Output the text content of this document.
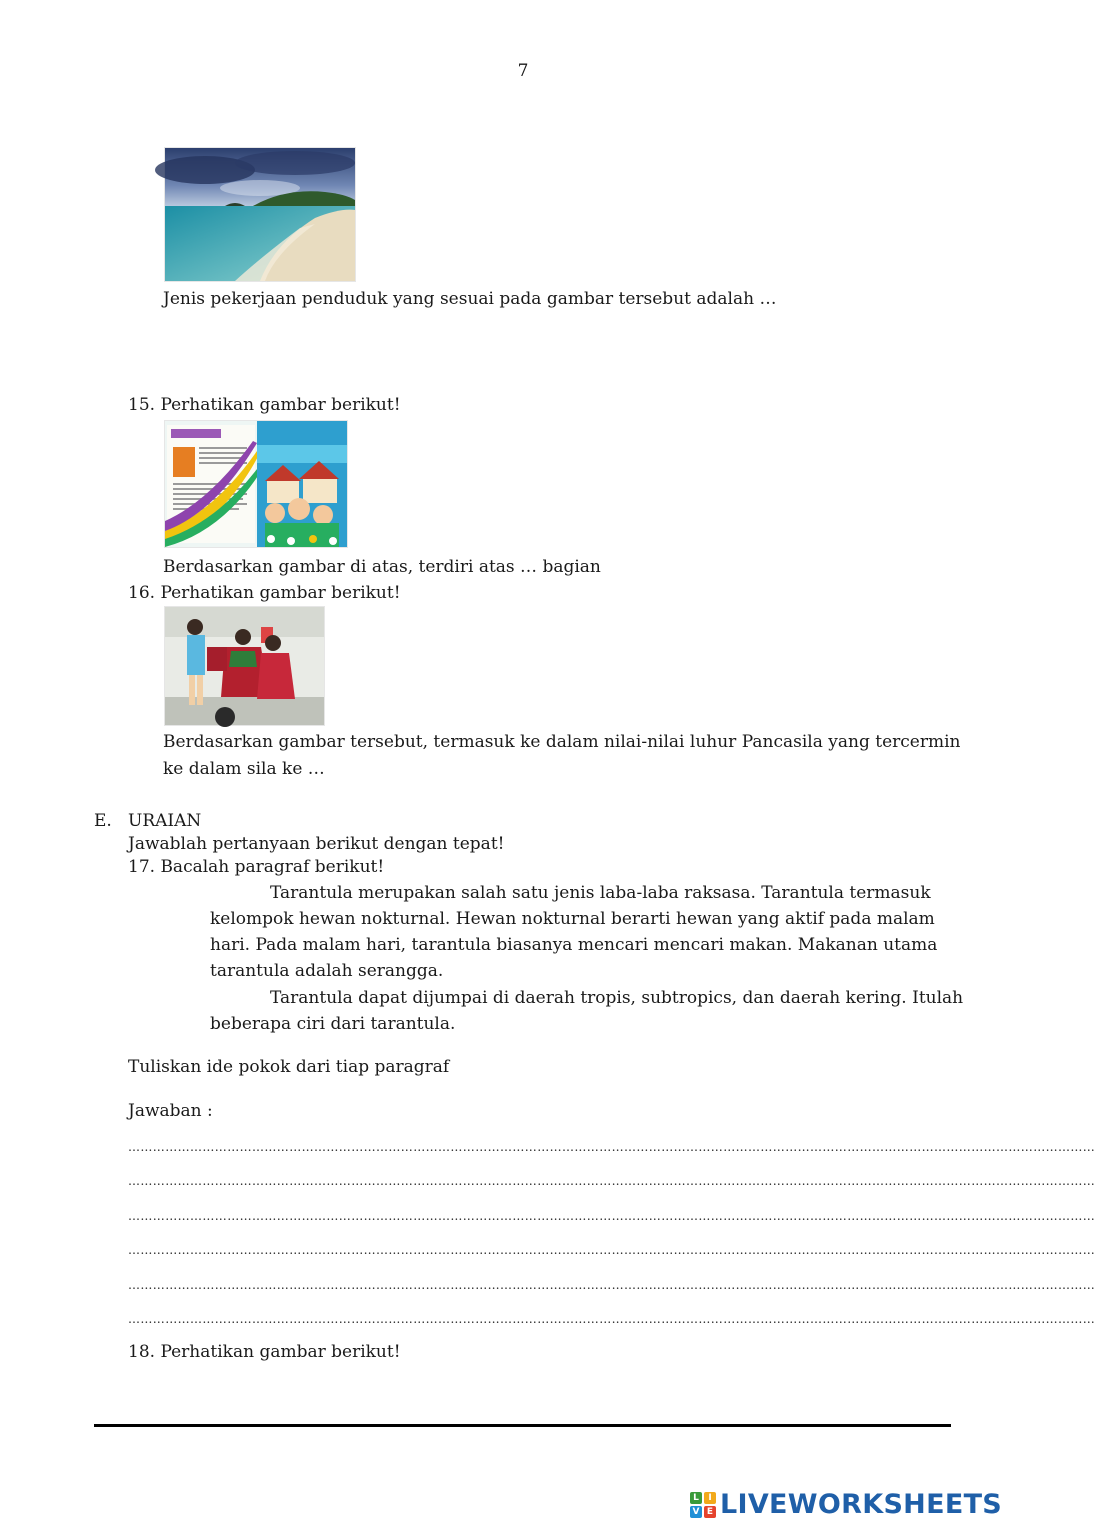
7
Jenis pekerjaan penduduk yang sesuai pada gambar tersebut adalah …
15. Perhatikan gambar berikut!
Berdasarkan gambar di atas, terdiri atas … bagian
16. Perhatikan gambar berikut!
Berdasarkan gambar tersebut, termasuk ke dalam nilai-nilai luhur Pancasila yang tercermin
ke dalam sila ke …
E. URAIAN
Jawablah pertanyaan berikut dengan tepat!
17. Bacalah paragraf berikut!
Tarantula merupakan salah satu jenis laba-laba raksasa. Tarantula termasuk
kelompok hewan nokturnal. Hewan nokturnal berarti hewan yang aktif pada malam
hari. Pada malam hari, tarantula biasanya mencari mencari makan. Makanan utama
tarantula adalah serangga.
Tarantula dapat dijumpai di daerah tropis, subtropics, dan daerah kering. Itulah
beberapa ciri dari tarantula.
Tuliskan ide pokok dari tiap paragraf
Jawaban :
………………………………………………………………………………………………………………………………………………………………………………………………………………
………………………………………………………………………………………………………………………………………………………………………………………………………………
………………………………………………………………………………………………………………………………………………………………………………………………………………
………………………………………………………………………………………………………………………………………………………………………………………………………………
………………………………………………………………………………………………………………………………………………………………………………………………………………
………………………………………………………………………………………………………………………………………………………………………………………………………………
18. Perhatikan gambar berikut!
L	I
V E LIVEWORKSHEETS
